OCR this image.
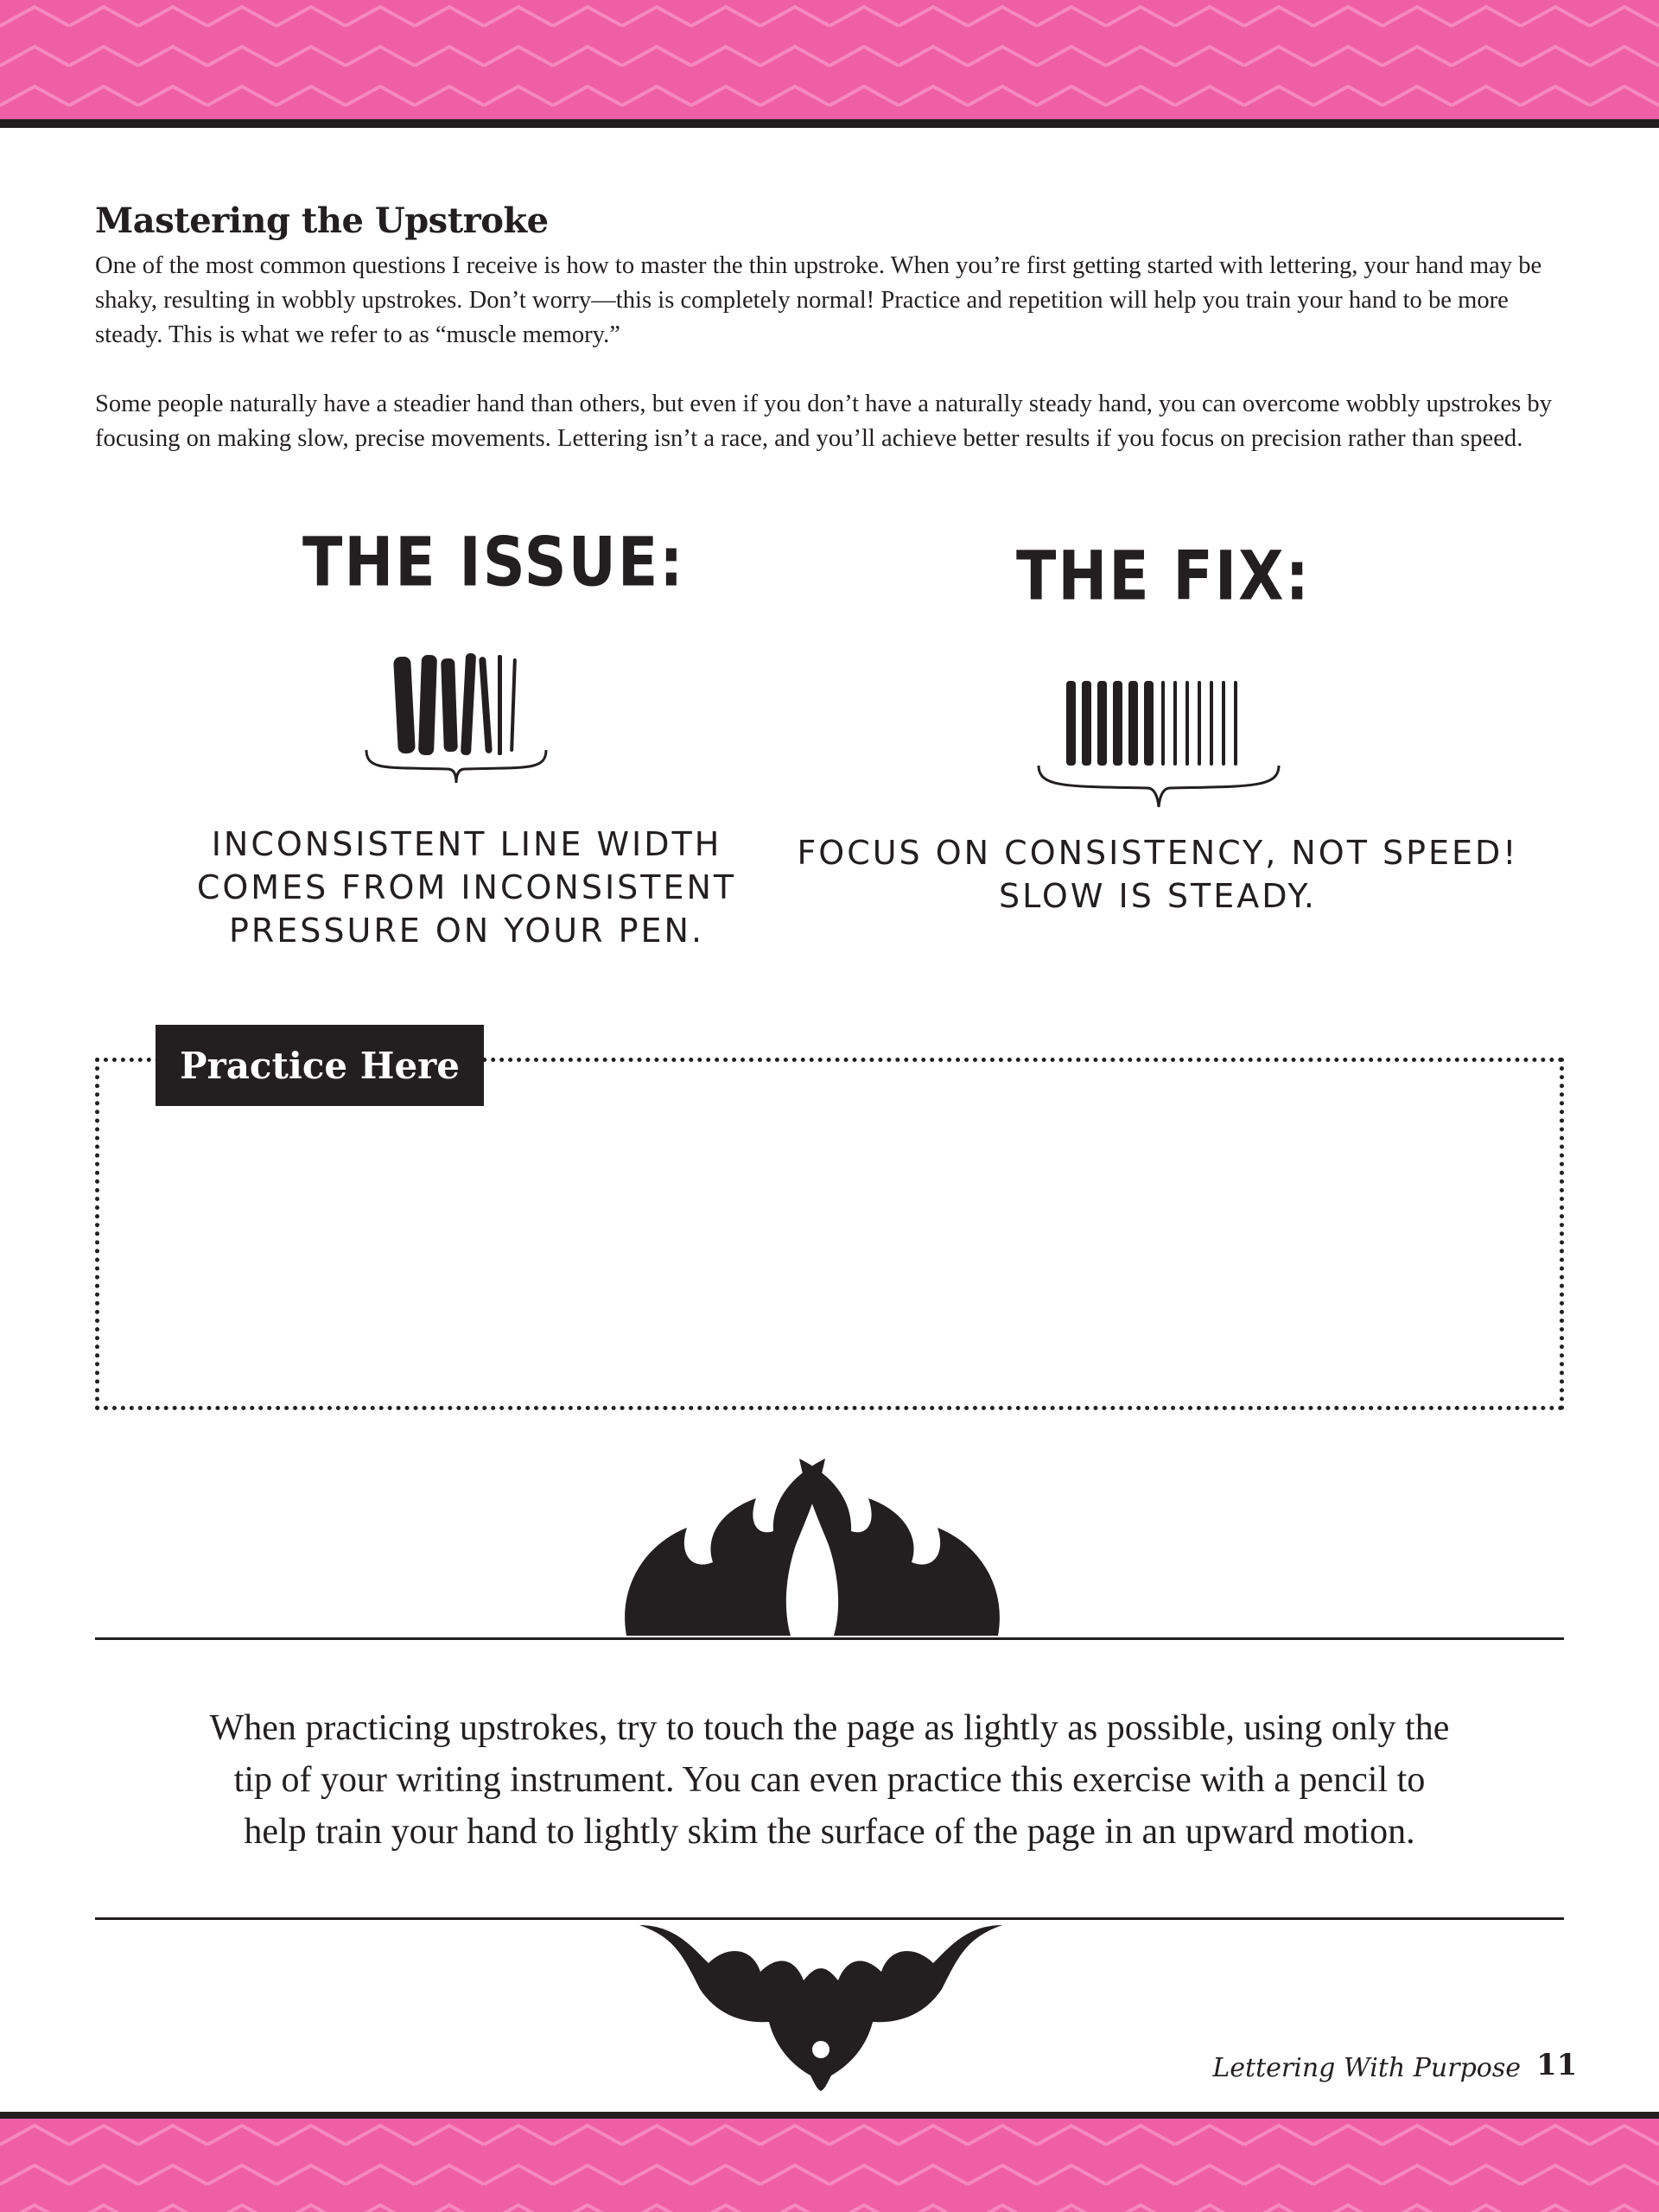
Mastering the Upstroke

One of the most common questions I receive is how to master the thin upstroke. When you’re first getting started with lettering, your hand may be shaky, resulting in wobbly upstrokes. Don’t worry—this is completely normal! Practice and repetition will help you train your hand to be more steady. This is what we refer to as “muscle memory.”

Some people naturally have a steadier hand than others, but even if you don’t have a naturally steady hand, you can overcome wobbly upstrokes by focusing on making slow, precise movements. Lettering isn’t a race, and you’ll achieve better results if you focus on precision rather than speed.

THE ISSUE:
INCONSISTENT LINE WIDTH
COMES FROM INCONSISTENT
PRESSURE ON YOUR PEN.
THE FIX:
FOCUS ON CONSISTENCY, NOT SPEED!
SLOW IS STEADY.
Practice Here
When practicing upstrokes, try to touch the page as lightly as possible, using only the
tip of your writing instrument. You can even practice this exercise with a pencil to
help train your hand to lightly skim the surface of the page in an upward motion.
Lettering With Purpose 11
